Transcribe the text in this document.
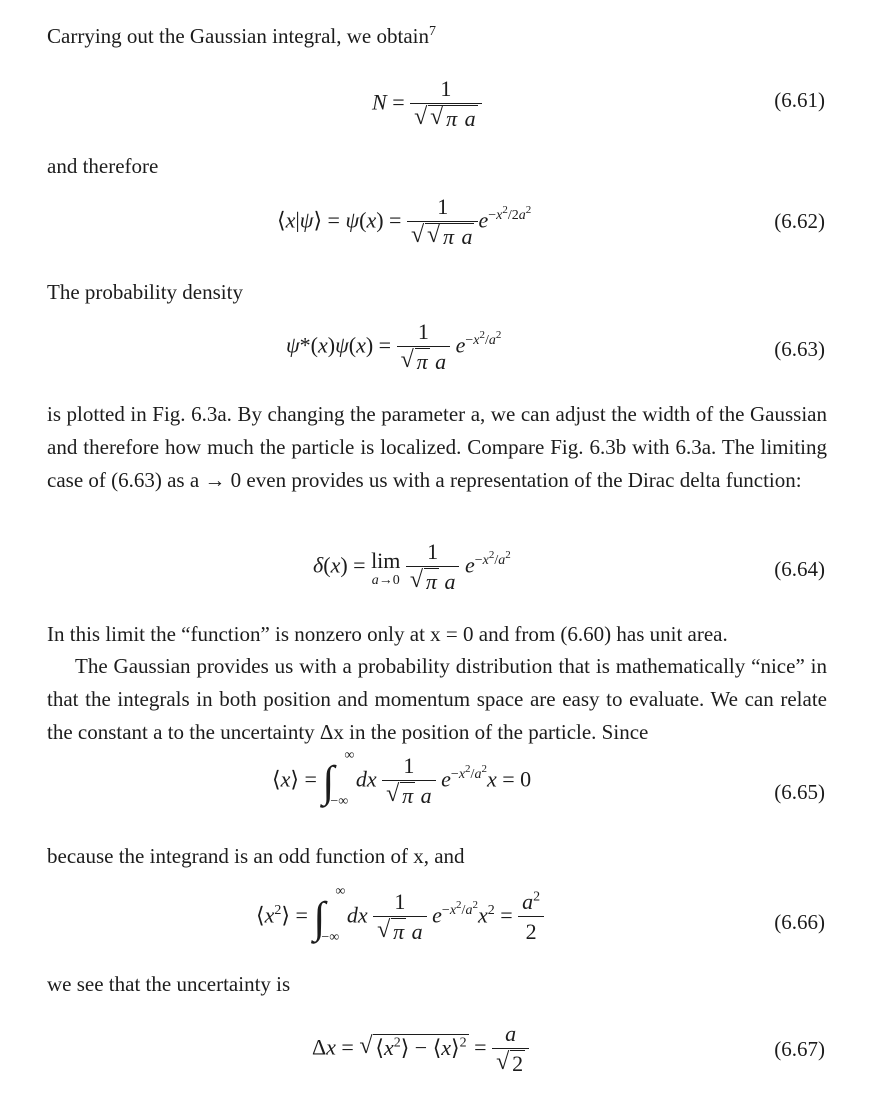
Carrying out the Gaussian integral, we obtain$^7$

N = 1
√ √ π a	(6.61)

and therefore

⟨x|ψ⟩ = ψ(x) = 1
√ √ π a $e^{-x^2/2a^2}$	(6.62)

The probability density

ψ*(x)ψ(x) = 1
√ π a $e^{-x^2/a^2}$
(6.63)

is plotted in Fig. 6.3a. By changing the parameter a, we can adjust the width of the Gaussian and therefore how much the particle is localized. Compare Fig. 6.3b with 6.3a. The limiting case of (6.63) as a → 0 even provides us with a representation of the Dirac delta function:

δ(x) = lim
a→0
1
√ π a $e^{-x^2/a^2}$
(6.64)

In this limit the “function” is nonzero only at x = 0 and from (6.60) has unit area.

The Gaussian provides us with a probability distribution that is mathematically “nice” in that the integrals in both position and momentum space are easy to evaluate. We can relate the constant a to the uncertainty Δx in the position of the particle. Since

⟨x⟩ = ∫
∞
−∞
dx 1
√ π a $e^{-x^2/a^2}x = 0$
(6.65)

because the integrand is an odd function of x, and

$⟨x^2⟩$ = ∫
∞
−∞
dx 1
√ π a $e^{-x^2/a^2}x^2 = \frac{a^2}{2}$	(6.66)

we see that the uncertainty is

Δx = √ $⟨x^2⟩$ − ⟨x⟩$^2$ = a
√ 2	(6.67)
